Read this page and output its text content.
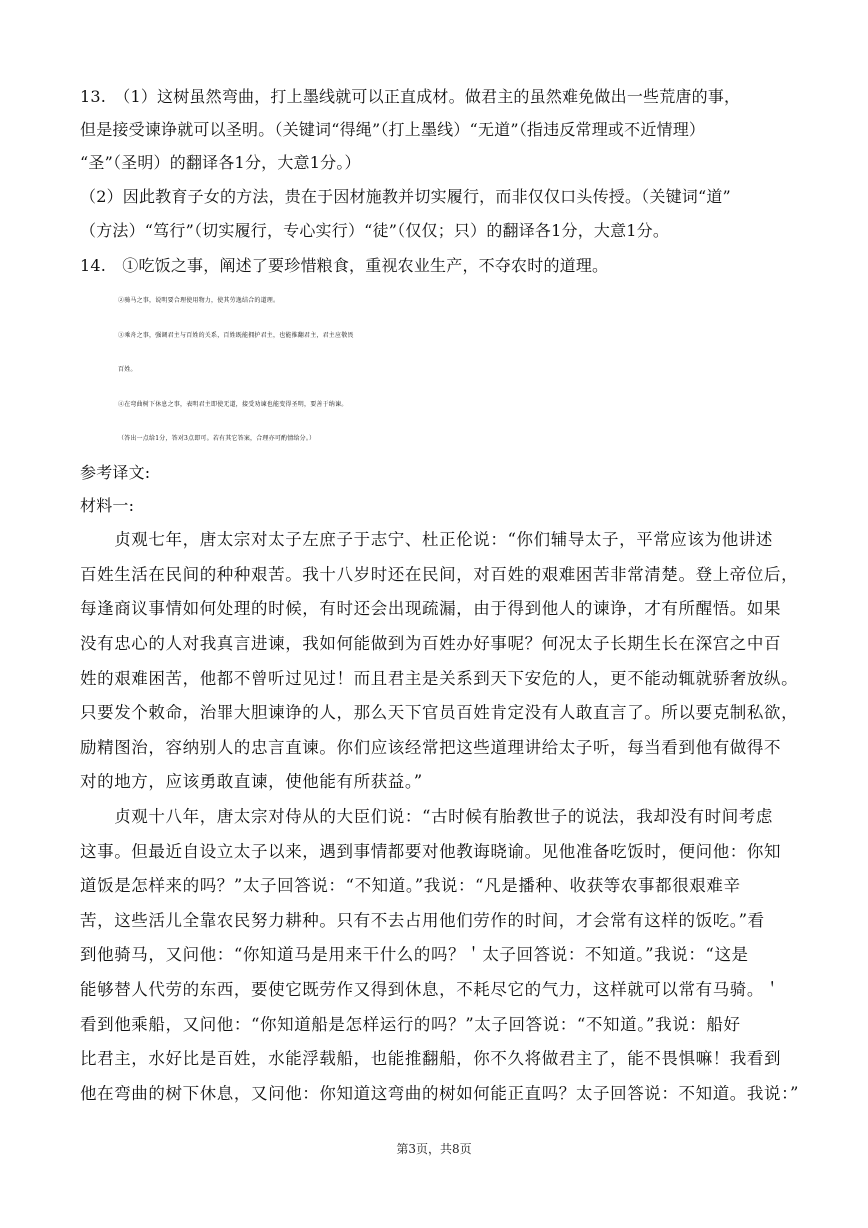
13.　（1）这树虽然弯曲，打上墨线就可以正直成材。做君主的虽然难免做出一些荒唐的事，
但是接受谏诤就可以圣明。（关键词“得绳”（打上墨线）“无道”（指违反常理或不近情理）
“圣”（圣明）的翻译各1分，大意1分。）
（2）因此教育子女的方法，贵在于因材施教并切实履行，而非仅仅口头传授。（关键词“道”
（方法）“笃行”（切实履行，专心实行）“徒”（仅仅；只）的翻译各1分，大意1分。
14.　①吃饭之事，阐述了要珍惜粮食，重视农业生产，不夺农时的道理。
②骑马之事，说明要合理使用物力，使其劳逸结合的道理。
③乘舟之事，强调君主与百姓的关系，百姓既能拥护君主，也能推翻君主，君主应敬畏
百姓。
④在弯曲树下休息之事，表明君主即使无道，接受劝谏也能变得圣明，要善于纳谏。
（答出一点给1分，答对3点即可。若有其它答案，合理亦可酌情给分。）
参考译文:
材料一:
　　贞观七年，唐太宗对太子左庶子于志宁、杜正伦说：“你们辅导太子，平常应该为他讲述
百姓生活在民间的种种艰苦。我十八岁时还在民间，对百姓的艰难困苦非常清楚。登上帝位后，
每逢商议事情如何处理的时候，有时还会出现疏漏，由于得到他人的谏诤，才有所醒悟。如果
没有忠心的人对我真言进谏，我如何能做到为百姓办好事呢？何况太子长期生长在深宫之中百
姓的艰难困苦，他都不曾听过见过！而且君主是关系到天下安危的人，更不能动辄就骄奢放纵。
只要发个敕命，治罪大胆谏诤的人，那么天下官员百姓肯定没有人敢直言了。所以要克制私欲，
励精图治，容纳别人的忠言直谏。你们应该经常把这些道理讲给太子听，每当看到他有做得不
对的地方，应该勇敢直谏，使他能有所获益。”
　　贞观十八年，唐太宗对侍从的大臣们说：“古时候有胎教世子的说法，我却没有时间考虑
这事。但最近自设立太子以来，遇到事情都要对他教诲晓谕。见他准备吃饭时，便问他：你知
道饭是怎样来的吗？”太子回答说：“不知道。”我说：“凡是播种、收获等农事都很艰难辛
苦，这些活儿全靠农民努力耕种。只有不去占用他们劳作的时间，才会常有这样的饭吃。”看
到他骑马，又问他：“你知道马是用来干什么的吗？＇太子回答说：不知道。”我说：“这是
能够替人代劳的东西，要使它既劳作又得到休息，不耗尽它的气力，这样就可以常有马骑。＇
看到他乘船，又问他：“你知道船是怎样运行的吗？”太子回答说：“不知道。”我说：船好
比君主，水好比是百姓，水能浮载船，也能推翻船，你不久将做君主了，能不畏惧嘛！我看到
他在弯曲的树下休息，又问他：你知道这弯曲的树如何能正直吗？太子回答说：不知道。我说：”
第3页，共8页
